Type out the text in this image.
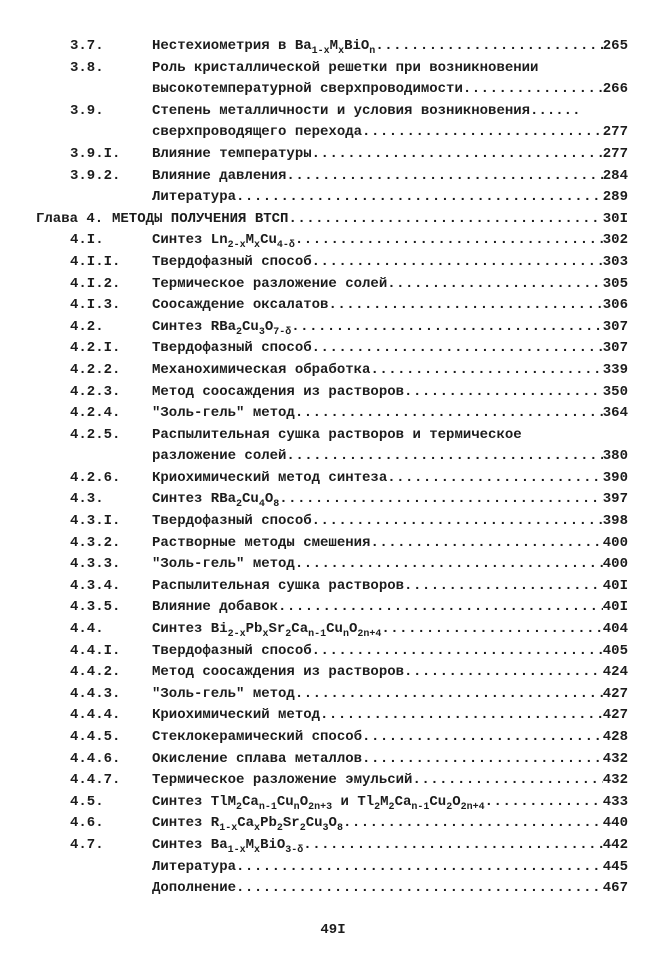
3.7.	Нестехиометрия в $Ba_{1-x}M_xBiO_n$ .....	265
3.8.	Роль кристаллической решетки при возникновении
высокотемпературной сверхпроводимости .....	266
3.9.	Степень металличности и условия возникновения......
сверхпроводящего перехода .....	277
3.9.I. Влияние температуры .....	277
3.9.2. Влияние давления .....	284
Литература .....	289
Глава 4. МЕТОДЫ ПОЛУЧЕНИЯ ВТСП .....	30I
4.I.	Синтез $Ln_{2-x}M_xCu_{4-\delta}$ .....	302
4.I.I. Твердофазный способ .....	303
4.I.2. Термическое разложение солей .....	305
4.I.3. Соосаждение оксалатов .....	306
4.2.	Синтез $RBa_2Cu_3O_{7-\delta}$ .....	307
4.2.I. Твердофазный способ .....	307
4.2.2. Механохимическая обработка .....	339
4.2.3. Метод соосаждения из растворов .....	350
4.2.4. "Золь-гель" метод .....	364
4.2.5. Распылительная сушка растворов и термическое
разложение солей .....	380
4.2.6. Криохимический метод синтеза .....	390
4.3.	Синтез $RBa_2Cu_4O_8$ .....	397
4.3.I. Твердофазный способ .....	398
4.3.2. Растворные методы смешения .....	400
4.3.3. "Золь-гель" метод .....	400
4.3.4. Распылительная сушка растворов .....	40I
4.3.5. Влияние добавок .....	40I
4.4.	Синтез $Bi_{2-x}Pb_xSr_2Ca_{n-1}Cu_nO_{2n+4}$ .....	404
4.4.I. Твердофазный способ .....	405
4.4.2. Метод соосаждения из растворов .....	424
4.4.3. "Золь-гель" метод .....	427
4.4.4. Криохимический метод .....	427
4.4.5. Стеклокерамический способ .....	428
4.4.6. Окисление сплава металлов .....	432
4.4.7. Термическое разложение эмульсий .....	432
4.5.	Синтез $TlM_2Ca_{n-1}Cu_nO_{2n+3}$ и $Tl_2M_2Ca_{n-1}Cu_2O_{2n+4}$ .....	433
4.6.	Синтез $R_{1-x}Ca_xPb_2Sr_2Cu_3O_8$ .....	440
4.7.	Синтез $Ba_{1-x}M_xBiO_{3-\delta}$ .....	442
Литература .....	445
Дополнение .....	467
49I
